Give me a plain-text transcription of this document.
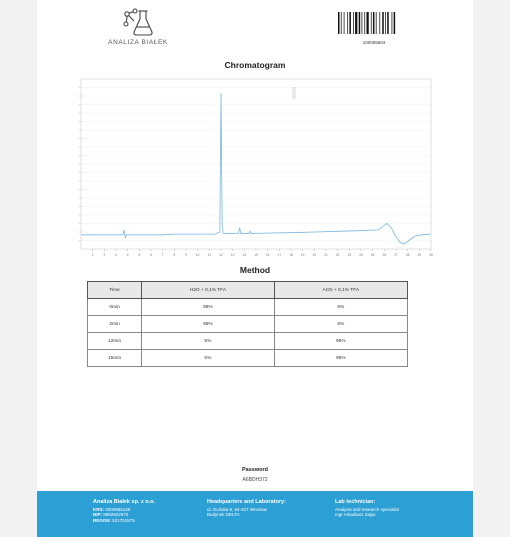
ANALIZA BIAŁEK	100005604
Chromatogram
1	2	3	4	5	6	7	8	9	10	11	12	13	14	15	16	17	18	19	20	21	22	23	24	25	26	27	28	29	30
Method
Time	H2O + 0,1% TFA	ACN + 0,1% TFA
0min	95%	5%
2min	95%	5%
12min	5%	95%
15min	5%	95%
Password
A6BDH372
Analiza Białek sp. z o.o.
KRS: 0000966148
NIP: 8992922970
REGON: 521751875
Headquarters and Laboratory:
ul. Duńska 9, 54-427 Wrocław
Budynek DELTA
Lab technician:
Analysis and research specialist
mgr Arkadiusz Zając
